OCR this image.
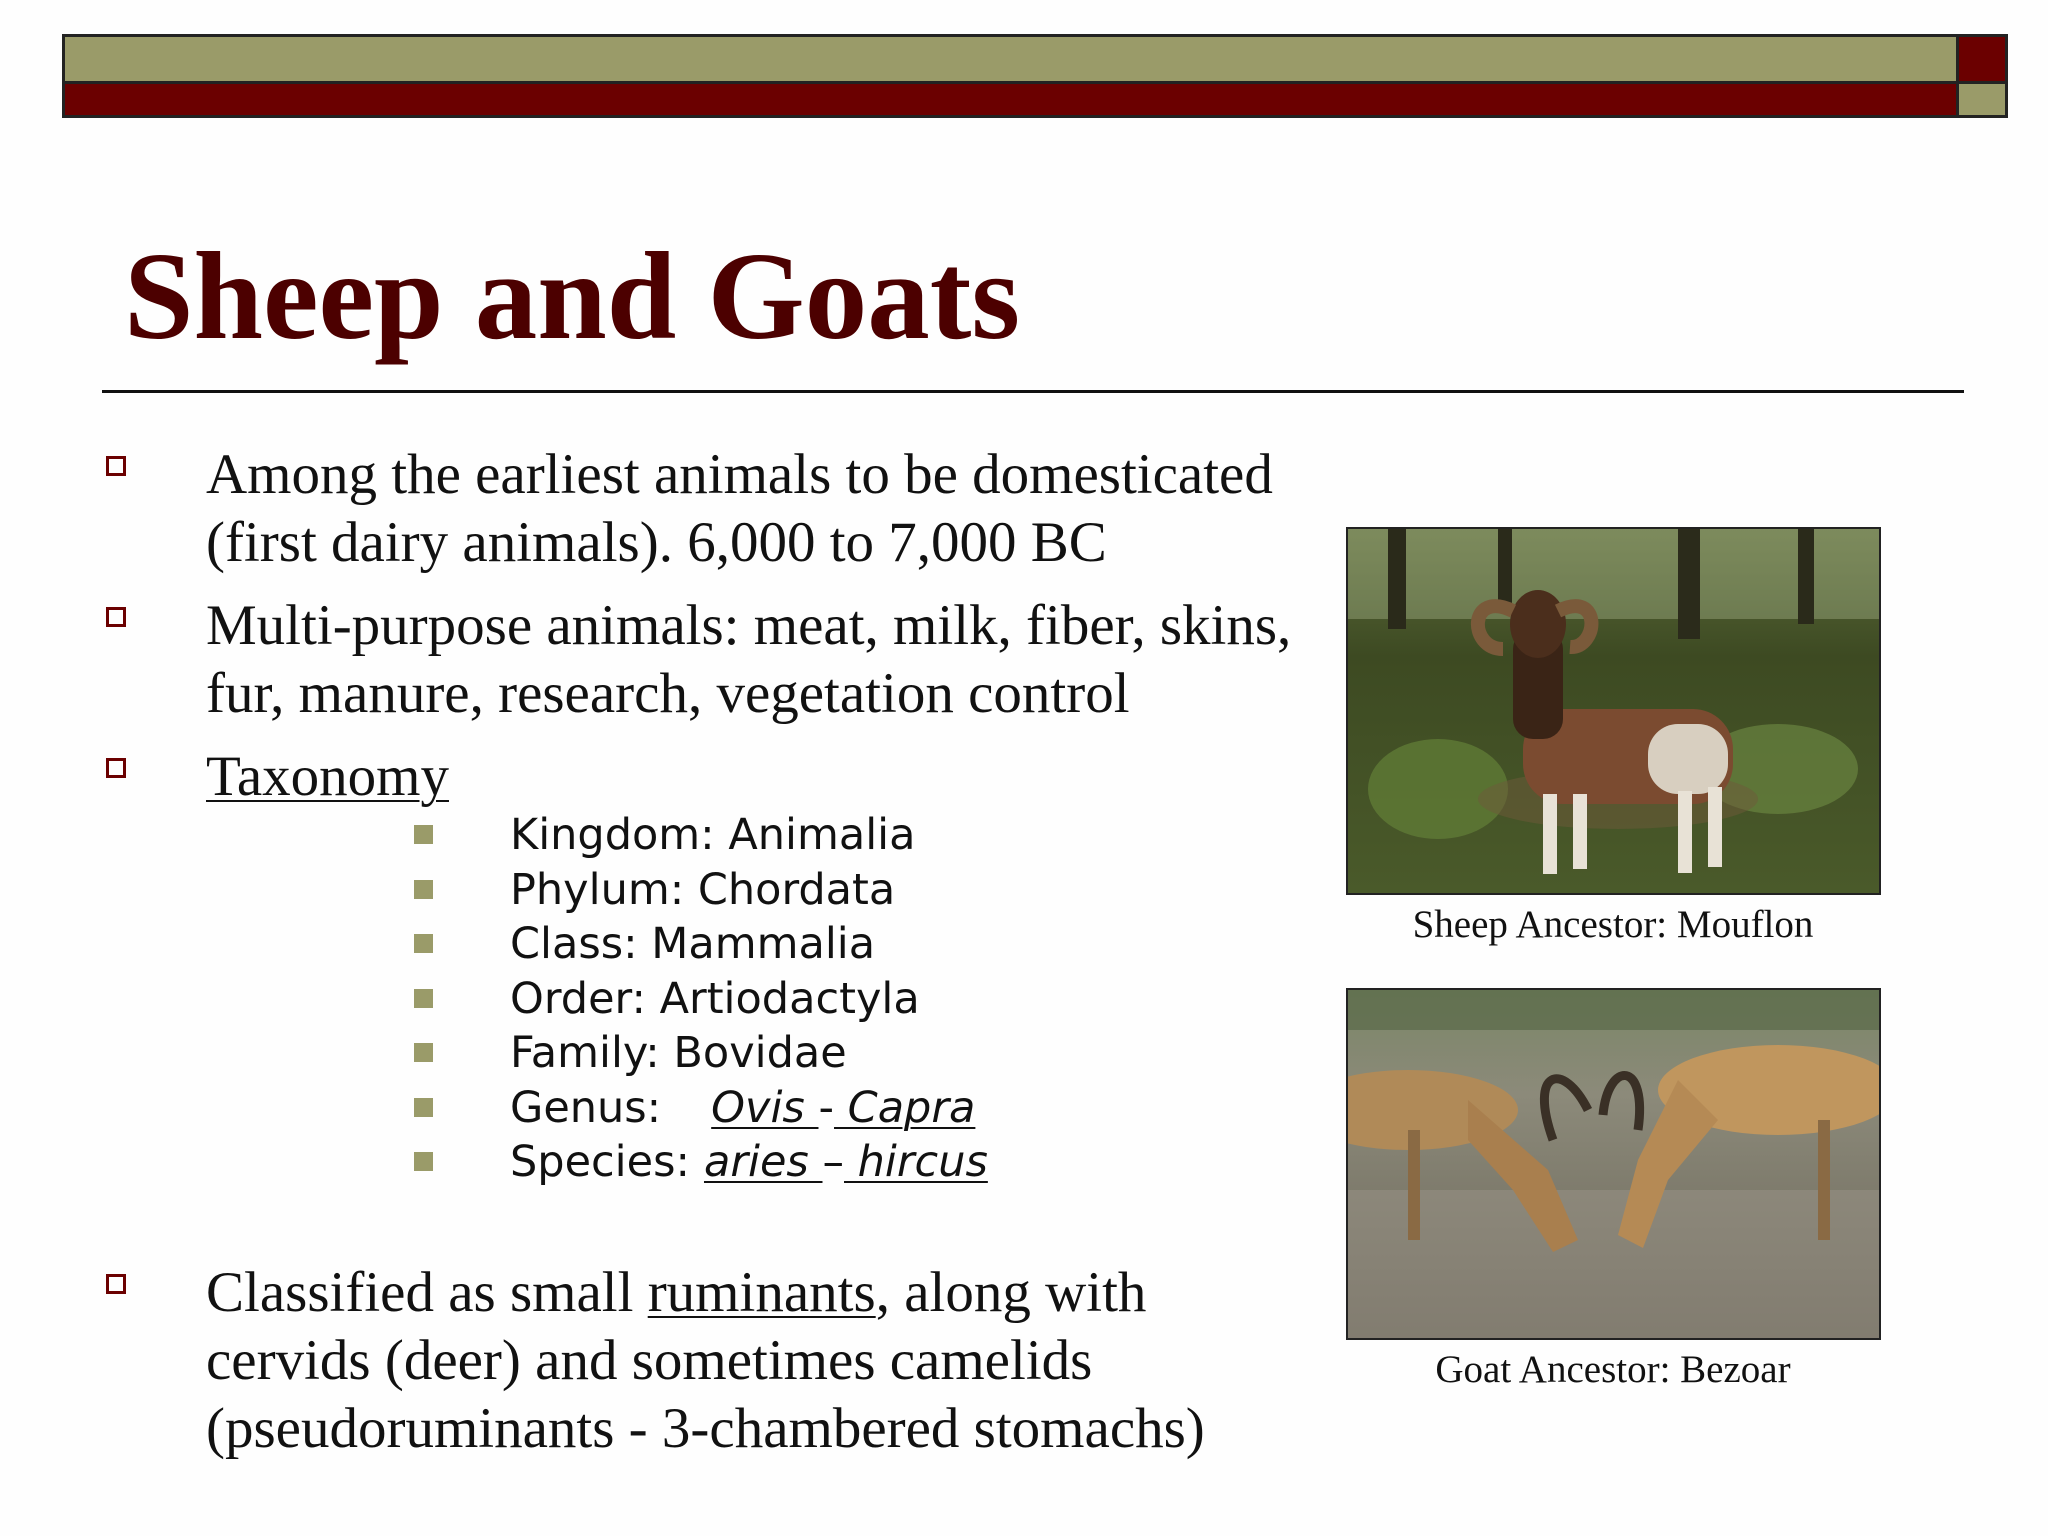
Sheep and Goats
Among the earliest animals to be domesticated
(first dairy animals). 6,000 to 7,000 BC
Multi-purpose animals: meat, milk, fiber, skins,
fur, manure, research, vegetation control
Taxonomy
Kingdom: Animalia
Phylum: Chordata
Class: Mammalia
Order: Artiodactyla
Family: Bovidae
Genus: Ovis - Capra
Species: aries – hircus
Classified as small ruminants, along with
cervids (deer) and sometimes camelids
(pseudoruminants - 3-chambered stomachs)
Sheep Ancestor: Mouflon
Goat Ancestor: Bezoar
